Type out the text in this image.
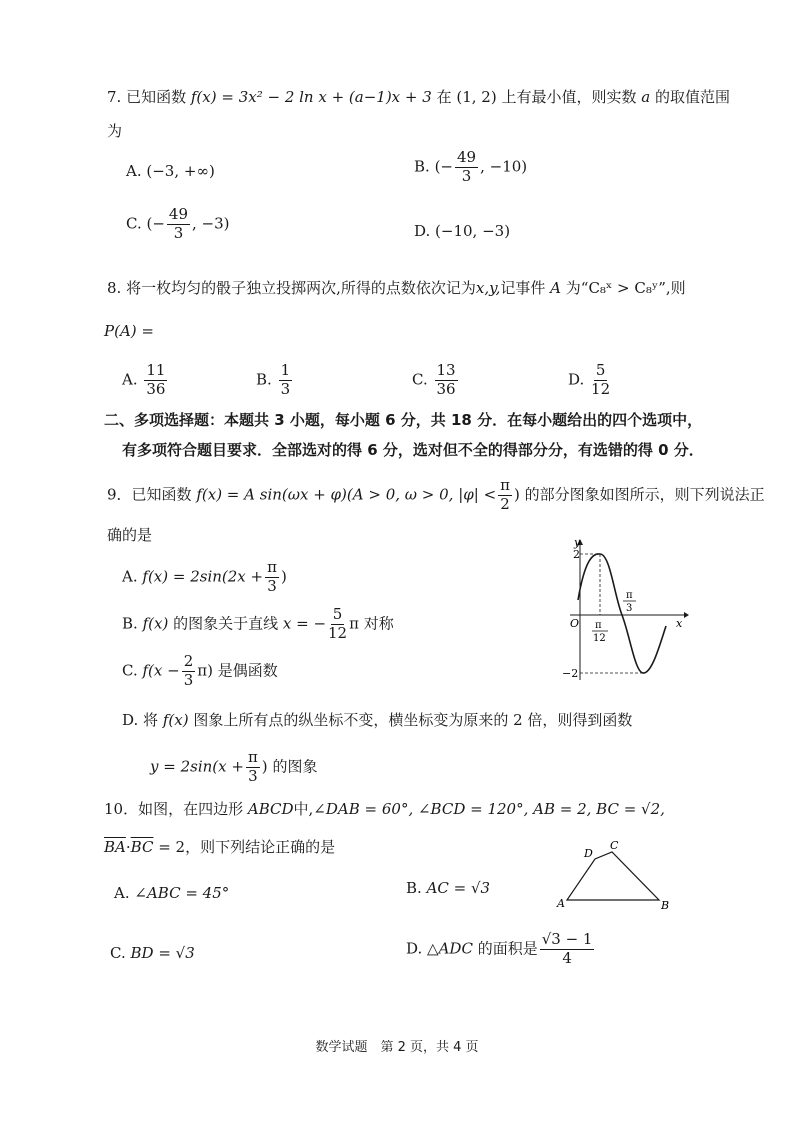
7. 已知函数 f(x) = 3x² − 2 ln x + (a−1)x + 3 在 (1, 2) 上有最小值，则实数 a 的取值范围
为
A. (−3, +∞)	B. (− $\frac{49}{3}$ , −10)
C. (− $\frac{49}{3}$ , −3)	D. (−10, −3)
8. 将一枚均匀的骰子独立投掷两次,所得的点数依次记为x,y,记事件 A 为“C₈ˣ > C₈ʸ”,则
P(A) =
A. $\frac{11}{36}$	B. $\frac{1}{3}$	C. $\frac{13}{36}$	D. $\frac{5}{12}$
二、多项选择题：本题共 3 小题，每小题 6 分，共 18 分．在每小题给出的四个选项中，
有多项符合题目要求．全部选对的得 6 分，选对但不全的得部分分，有选错的得 0 分．
9．已知函数 f(x) = A sin(ωx + φ)(A > 0, ω > 0, $|\varphi| < \frac{\pi}{2}$ ) 的部分图象如图所示，则下列说法正
确的是
A. $f(x) = 2\sin(2x + \frac{\pi}{3}$ )
B. f(x) 的图象关于直线 x = − $\frac{5}{12}$ π 对称
C. $f(x - \frac{2}{3} \pi)$ 是偶函数
D. 将 f(x) 图象上所有点的纵坐标不变，横坐标变为原来的 2 倍，则得到函数
$y = 2\sin(x + \frac{\pi}{3}$ ) 的图象
y
x
O
2
−2
π
12
π
3
10．如图，在四边形 ABCD中,∠DAB = 60°, ∠BCD = 120°, AB = 2, BC = √2,
$\overline{BA}\cdot\overline{BC} = 2$，则下列结论正确的是
A. ∠ABC = 45°	B. AC = √3
C. BD = √3	D. △ADC 的面积是 $\frac{√3 - 1}{4}$
A	B
C
D
数学试题　第 2 页，共 4 页
